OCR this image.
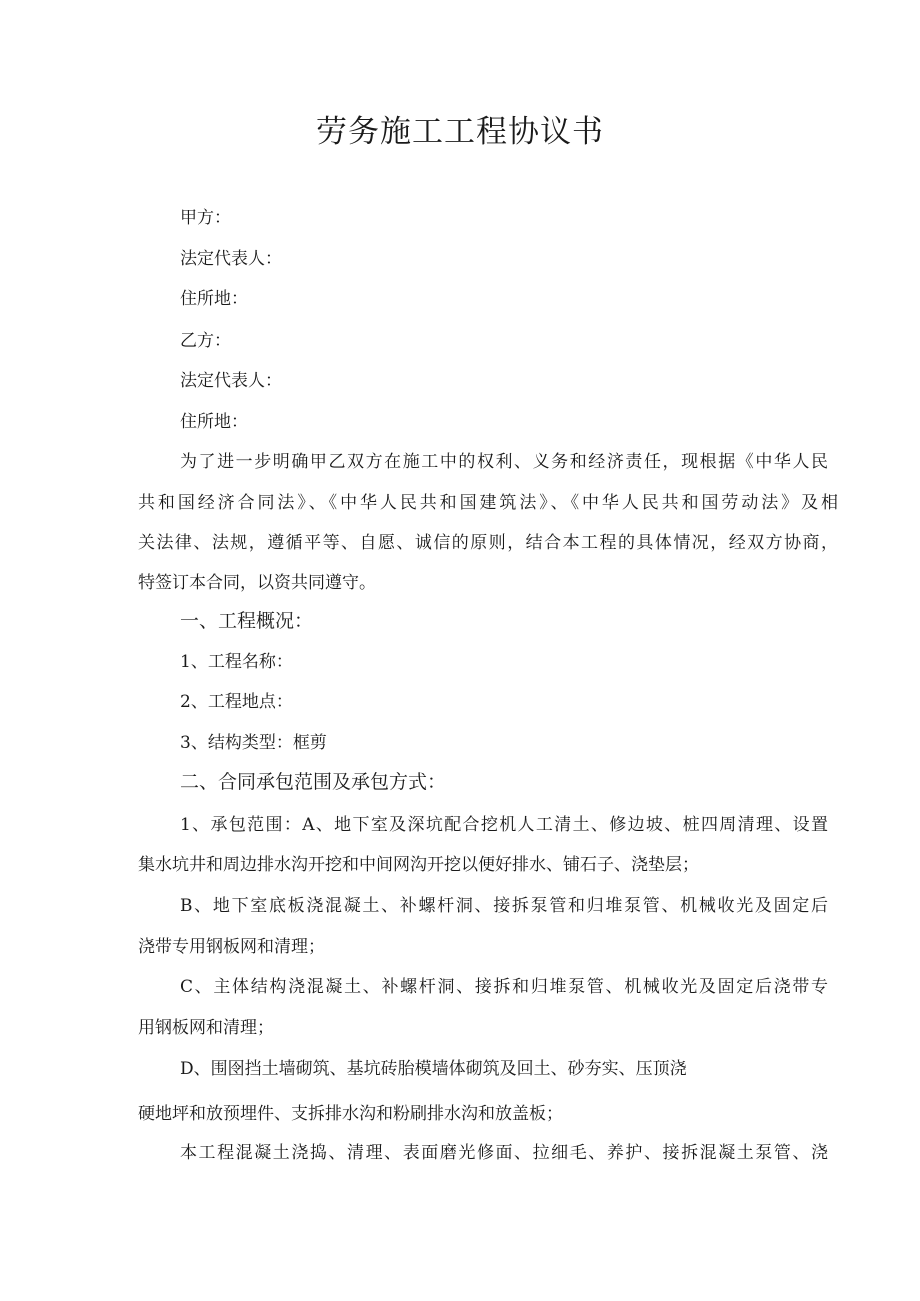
劳务施工工程协议书
甲方：
法定代表人：
住所地：
乙方：
法定代表人：
住所地：
为了进一步明确甲乙双方在施工中的权利、义务和经济责任，现根据《中华人民
共和国经济合同法》、《中华人民共和国建筑法》、《中华人民共和国劳动法》及相
关法律、法规，遵循平等、自愿、诚信的原则，结合本工程的具体情况，经双方协商，
特签订本合同，以资共同遵守。
一、工程概况：
1、工程名称：
2、工程地点：
3、结构类型：框剪
二、合同承包范围及承包方式：
1、承包范围：A、地下室及深坑配合挖机人工清土、修边坡、桩四周清理、设置
集水坑井和周边排水沟开挖和中间网沟开挖以便好排水、铺石子、浇垫层；
B、地下室底板浇混凝土、补螺杆洞、接拆泵管和归堆泵管、机械收光及固定后
浇带专用钢板网和清理；
C、主体结构浇混凝土、补螺杆洞、接拆和归堆泵管、机械收光及固定后浇带专
用钢板网和清理；
D、围囹挡土墙砌筑、基坑砖胎模墙体砌筑及回土、砂夯实、压顶浇
硬地坪和放预埋件、支拆排水沟和粉刷排水沟和放盖板；
本工程混凝土浇捣、清理、表面磨光修面、拉细毛、养护、接拆混凝土泵管、浇
